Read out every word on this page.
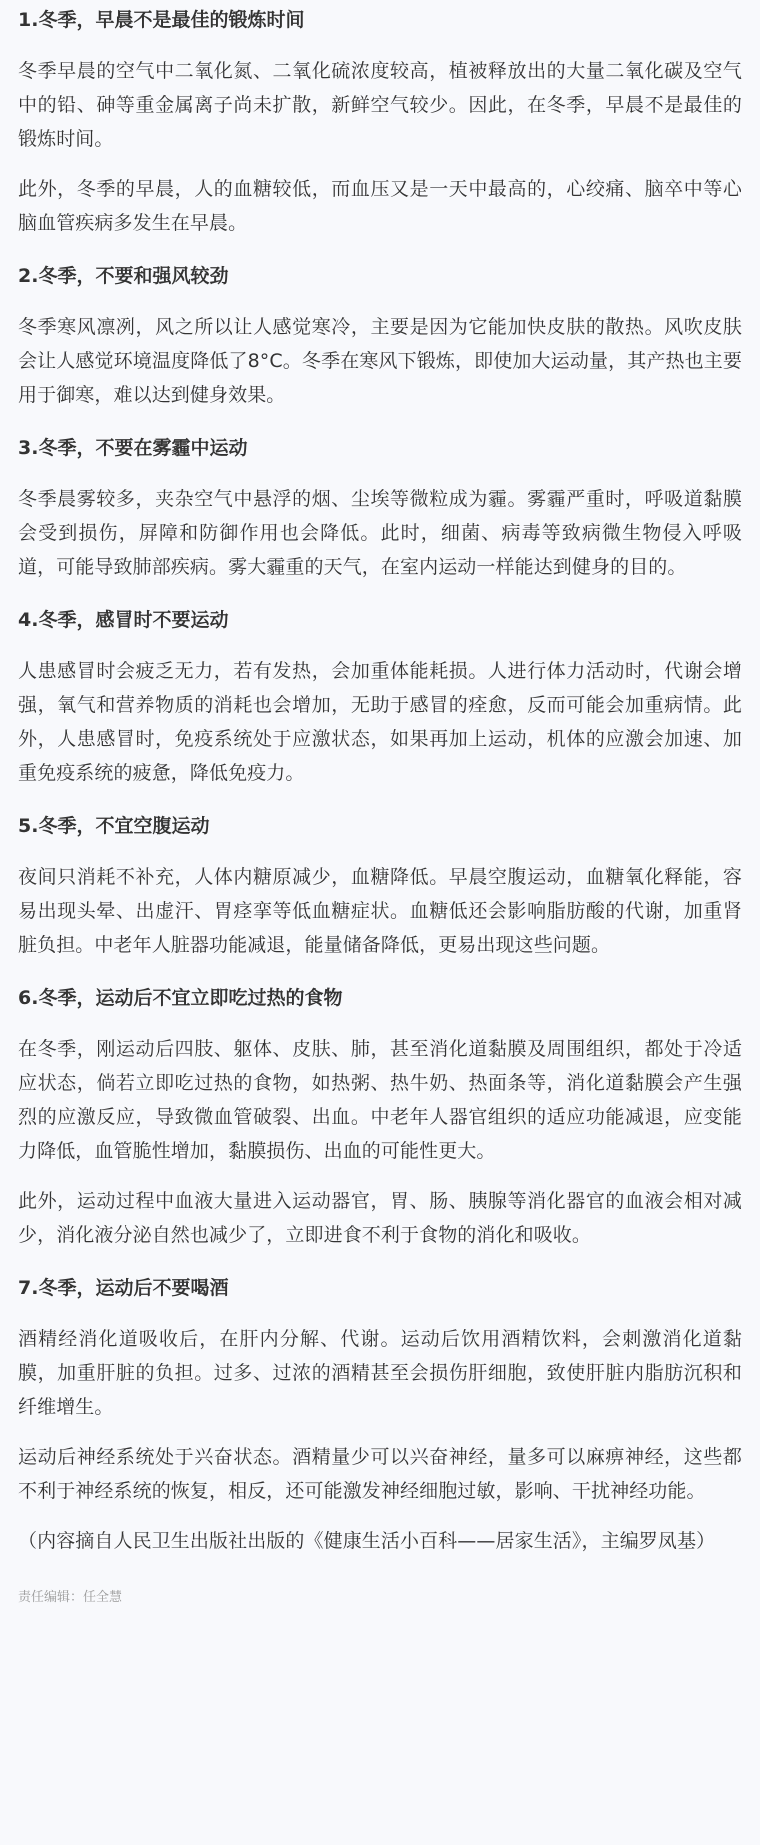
1.冬季，早晨不是最佳的锻炼时间

冬季早晨的空气中二氧化氮、二氧化硫浓度较高，植被释放出的大量二氧化碳及空气中的铅、砷等重金属离子尚未扩散，新鲜空气较少。因此，在冬季，早晨不是最佳的锻炼时间。

此外，冬季的早晨，人的血糖较低，而血压又是一天中最高的，心绞痛、脑卒中等心脑血管疾病多发生在早晨。

2.冬季，不要和强风较劲

冬季寒风凛冽，风之所以让人感觉寒冷，主要是因为它能加快皮肤的散热。风吹皮肤会让人感觉环境温度降低了8°C。冬季在寒风下锻炼，即使加大运动量，其产热也主要用于御寒，难以达到健身效果。

3.冬季，不要在雾霾中运动

冬季晨雾较多，夹杂空气中悬浮的烟、尘埃等微粒成为霾。雾霾严重时，呼吸道黏膜会受到损伤，屏障和防御作用也会降低。此时，细菌、病毒等致病微生物侵入呼吸道，可能导致肺部疾病。雾大霾重的天气，在室内运动一样能达到健身的目的。

4.冬季，感冒时不要运动

人患感冒时会疲乏无力，若有发热，会加重体能耗损。人进行体力活动时，代谢会增强，氧气和营养物质的消耗也会增加，无助于感冒的痊愈，反而可能会加重病情。此外，人患感冒时，免疫系统处于应激状态，如果再加上运动，机体的应激会加速、加重免疫系统的疲惫，降低免疫力。

5.冬季，不宜空腹运动

夜间只消耗不补充，人体内糖原减少，血糖降低。早晨空腹运动，血糖氧化释能，容易出现头晕、出虚汗、胃痉挛等低血糖症状。血糖低还会影响脂肪酸的代谢，加重肾脏负担。中老年人脏器功能减退，能量储备降低，更易出现这些问题。

6.冬季，运动后不宜立即吃过热的食物

在冬季，刚运动后四肢、躯体、皮肤、肺，甚至消化道黏膜及周围组织，都处于冷适应状态，倘若立即吃过热的食物，如热粥、热牛奶、热面条等，消化道黏膜会产生强烈的应激反应，导致微血管破裂、出血。中老年人器官组织的适应功能减退，应变能力降低，血管脆性增加，黏膜损伤、出血的可能性更大。

此外，运动过程中血液大量进入运动器官，胃、肠、胰腺等消化器官的血液会相对减少，消化液分泌自然也减少了，立即进食不利于食物的消化和吸收。

7.冬季，运动后不要喝酒

酒精经消化道吸收后，在肝内分解、代谢。运动后饮用酒精饮料，会刺激消化道黏膜，加重肝脏的负担。过多、过浓的酒精甚至会损伤肝细胞，致使肝脏内脂肪沉积和纤维增生。

运动后神经系统处于兴奋状态。酒精量少可以兴奋神经，量多可以麻痹神经，这些都不利于神经系统的恢复，相反，还可能激发神经细胞过敏，影响、干扰神经功能。

（内容摘自人民卫生出版社出版的《健康生活小百科——居家生活》，主编罗凤基）

责任编辑：任全慧
